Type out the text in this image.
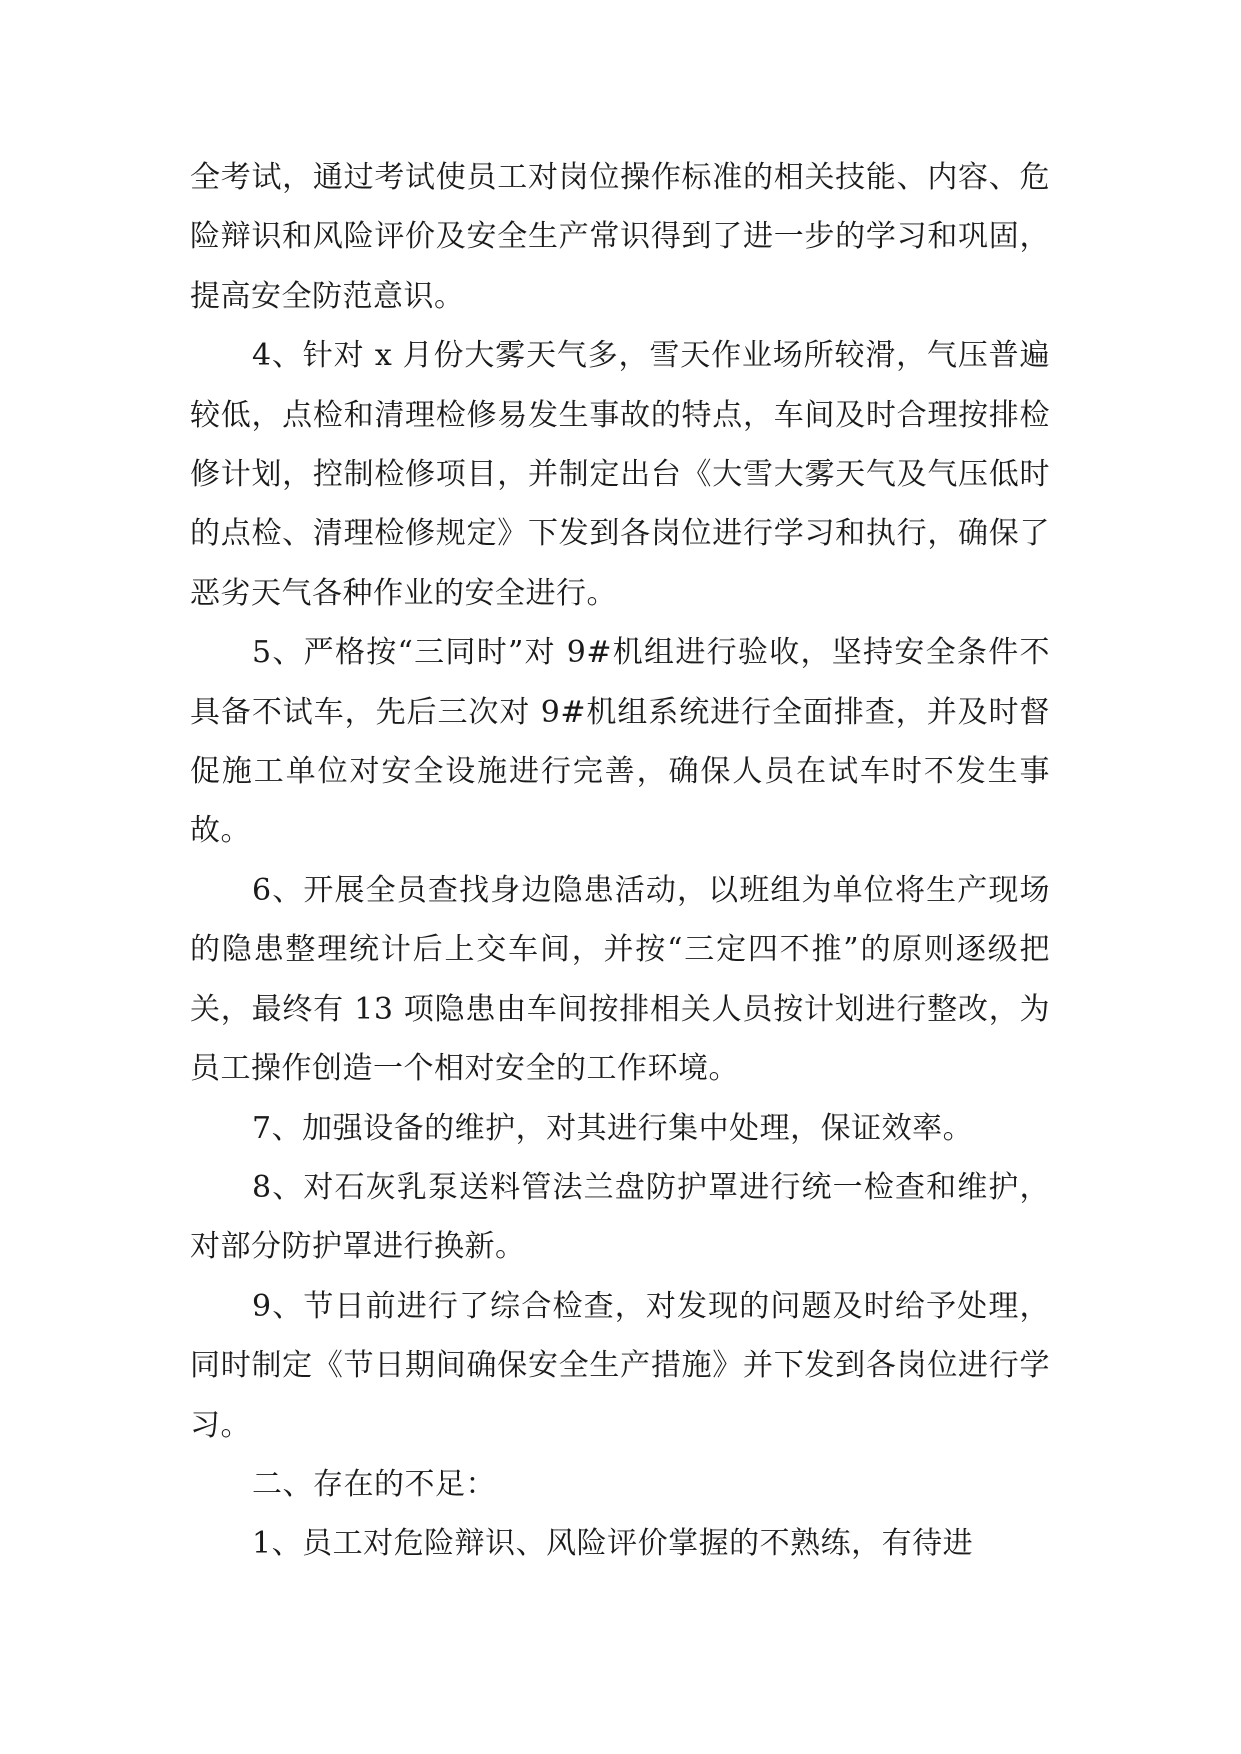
全考试，通过考试使员工对岗位操作标准的相关技能、内容、危险辩识和风险评价及安全生产常识得到了进一步的学习和巩固，提高安全防范意识。

4、针对 x 月份大雾天气多，雪天作业场所较滑，气压普遍较低，点检和清理检修易发生事故的特点，车间及时合理按排检修计划，控制检修项目，并制定出台《大雪大雾天气及气压低时的点检、清理检修规定》下发到各岗位进行学习和执行，确保了恶劣天气各种作业的安全进行。

5、严格按“三同时”对 9#机组进行验收，坚持安全条件不具备不试车，先后三次对 9#机组系统进行全面排查，并及时督促施工单位对安全设施进行完善，确保人员在试车时不发生事故。

6、开展全员查找身边隐患活动，以班组为单位将生产现场的隐患整理统计后上交车间，并按“三定四不推”的原则逐级把关，最终有 13 项隐患由车间按排相关人员按计划进行整改，为员工操作创造一个相对安全的工作环境。

7、加强设备的维护，对其进行集中处理，保证效率。

8、对石灰乳泵送料管法兰盘防护罩进行统一检查和维护，对部分防护罩进行换新。

9、节日前进行了综合检查，对发现的问题及时给予处理，同时制定《节日期间确保安全生产措施》并下发到各岗位进行学习。

二、存在的不足：

1、员工对危险辩识、风险评价掌握的不熟练，有待进
